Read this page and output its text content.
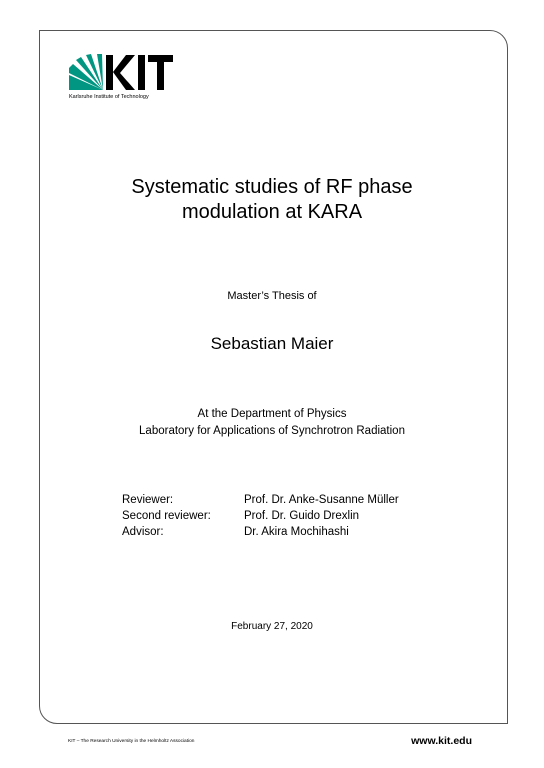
Karlsruhe Institute of Technology
Systematic studies of RF phase
modulation at KARA
Master’s Thesis of
Sebastian Maier
At the Department of Physics
Laboratory for Applications of Synchrotron Radiation
Reviewer:	Prof. Dr. Anke-Susanne Müller
Second reviewer:	Prof. Dr. Guido Drexlin
Advisor:	Dr. Akira Mochihashi
February 27, 2020
KIT – The Research University in the Helmholtz Association	www.kit.edu
